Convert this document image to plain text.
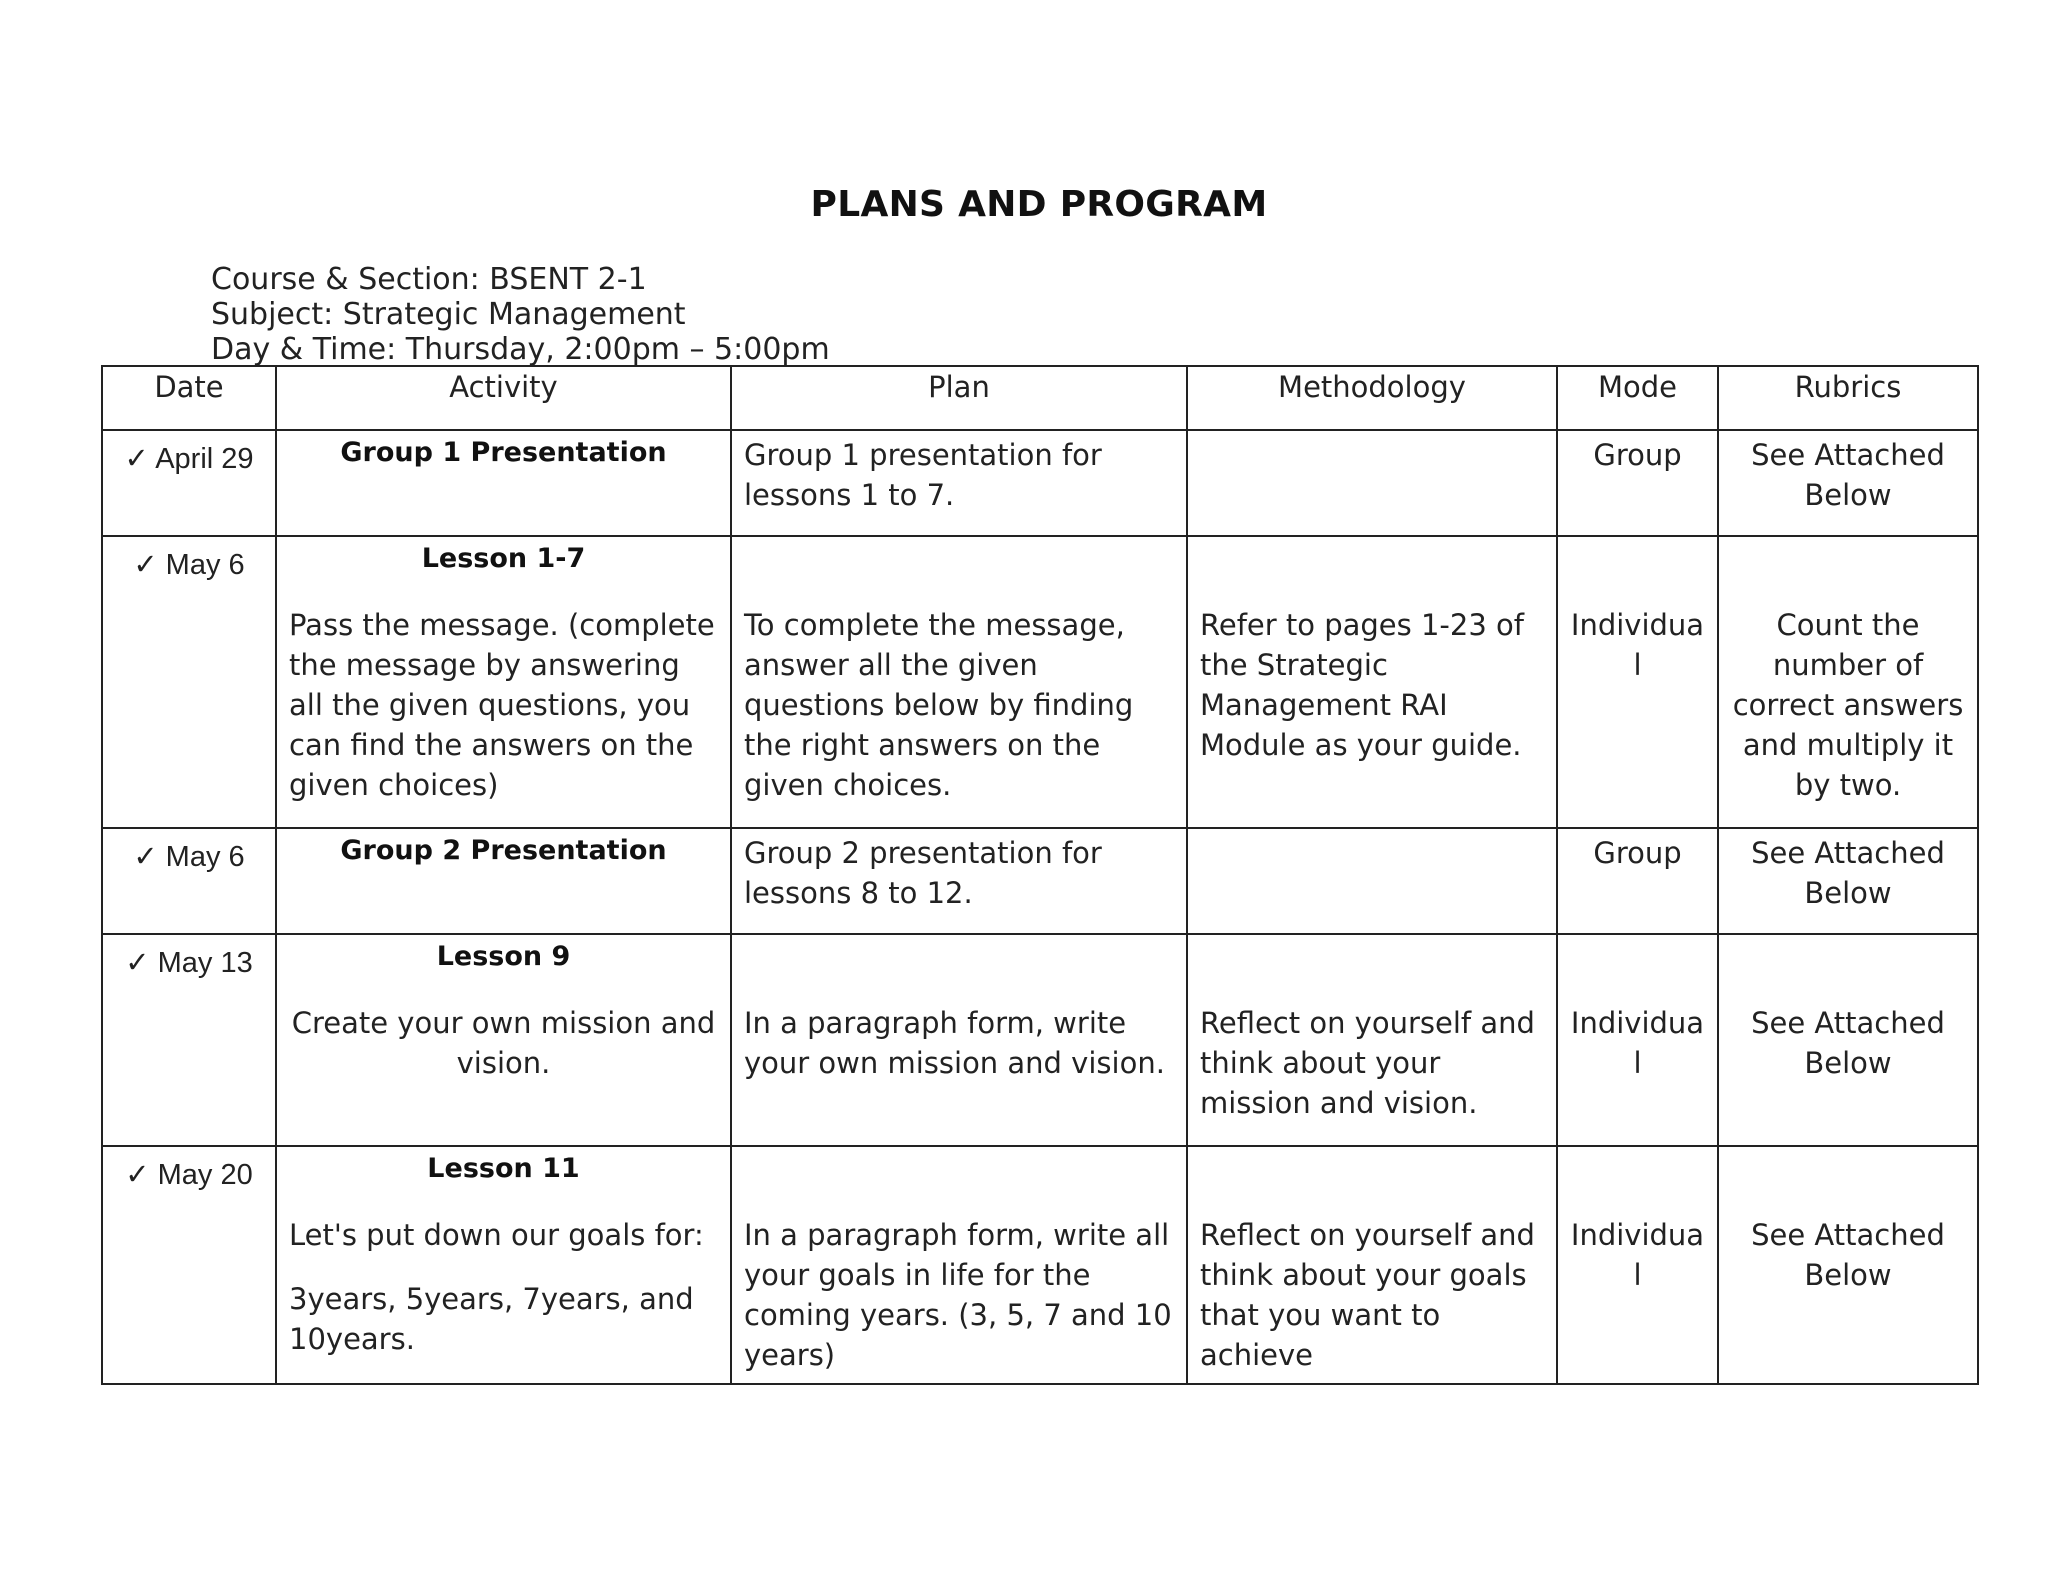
PLANS AND PROGRAM
Course & Section: BSENT 2-1
Subject: Strategic Management
Day & Time: Thursday, 2:00pm – 5:00pm
Date	Activity	Plan	Methodology	Mode	Rubrics
✓ April 29	Group 1 Presentation	Group 1 presentation for lessons 1 to 7.		Group	See Attached Below
✓ May 6	Lesson 1-7
Pass the message. (complete the message by answering all the given questions, you can find the answers on the given choices)	To complete the message, answer all the given questions below by finding the right answers on the given choices.	Refer to pages 1-23 of the Strategic Management RAI Module as your guide.	Individual	Count the number of correct answers and multiply it by two.

✓ May 6	Group 2 Presentation	Group 2 presentation for lessons 8 to 12.		Group	See Attached Below
✓ May 13	Lesson 9
Create your own mission and vision.	In a paragraph form, write your own mission and vision.	Reflect on yourself and think about your mission and vision.	Individual	See Attached Below

✓ May 20	Lesson 11
Let's put down our goals for:
3years, 5years, 7years, and 10years.	In a paragraph form, write all your goals in life for the coming years. (3, 5, 7 and 10 years)	Reflect on yourself and think about your goals that you want to achieve	Individual	See Attached Below
